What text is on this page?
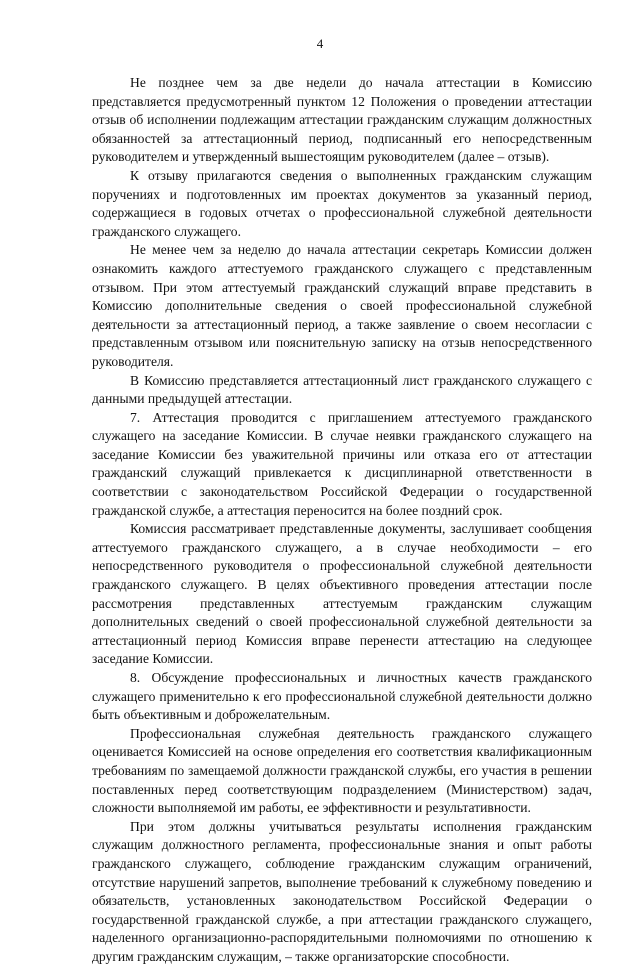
4

Не позднее чем за две недели до начала аттестации в Комиссию представляется предусмотренный пунктом 12 Положения о проведении аттестации отзыв об исполнении подлежащим аттестации гражданским служащим должностных обязанностей за аттестационный период, подписанный его непосредственным руководителем и утвержденный вышестоящим руководителем (далее – отзыв).

К отзыву прилагаются сведения о выполненных гражданским служащим поручениях и подготовленных им проектах документов за указанный период, содержащиеся в годовых отчетах о профессиональной служебной деятельности гражданского служащего.

Не менее чем за неделю до начала аттестации секретарь Комиссии должен ознакомить каждого аттестуемого гражданского служащего с представленным отзывом. При этом аттестуемый гражданский служащий вправе представить в Комиссию дополнительные сведения о своей профессиональной служебной деятельности за аттестационный период, а также заявление о своем несогласии с представленным отзывом или пояснительную записку на отзыв непосредственного руководителя.

В Комиссию представляется аттестационный лист гражданского служащего с данными предыдущей аттестации.

7. Аттестация проводится с приглашением аттестуемого гражданского служащего на заседание Комиссии. В случае неявки гражданского служащего на заседание Комиссии без уважительной причины или отказа его от аттестации гражданский служащий привлекается к дисциплинарной ответственности в соответствии с законодательством Российской Федерации о государственной гражданской службе, а аттестация переносится на более поздний срок.

Комиссия рассматривает представленные документы, заслушивает сообщения аттестуемого гражданского служащего, а в случае необходимости – его непосредственного руководителя о профессиональной служебной деятельности гражданского служащего. В целях объективного проведения аттестации после рассмотрения представленных аттестуемым гражданским служащим дополнительных сведений о своей профессиональной служебной деятельности за аттестационный период Комиссия вправе перенести аттестацию на следующее заседание Комиссии.

8. Обсуждение профессиональных и личностных качеств гражданского служащего применительно к его профессиональной служебной деятельности должно быть объективным и доброжелательным.

Профессиональная служебная деятельность гражданского служащего оценивается Комиссией на основе определения его соответствия квалификационным требованиям по замещаемой должности гражданской службы, его участия в решении поставленных перед соответствующим подразделением (Министерством) задач, сложности выполняемой им работы, ее эффективности и результативности.

При этом должны учитываться результаты исполнения гражданским служащим должностного регламента, профессиональные знания и опыт работы гражданского служащего, соблюдение гражданским служащим ограничений, отсутствие нарушений запретов, выполнение требований к служебному поведению и обязательств, установленных законодательством Российской Федерации о государственной гражданской службе, а при аттестации гражданского служащего, наделенного организационно-распорядительными полномочиями по отношению к другим гражданским служащим, – также организаторские способности.
